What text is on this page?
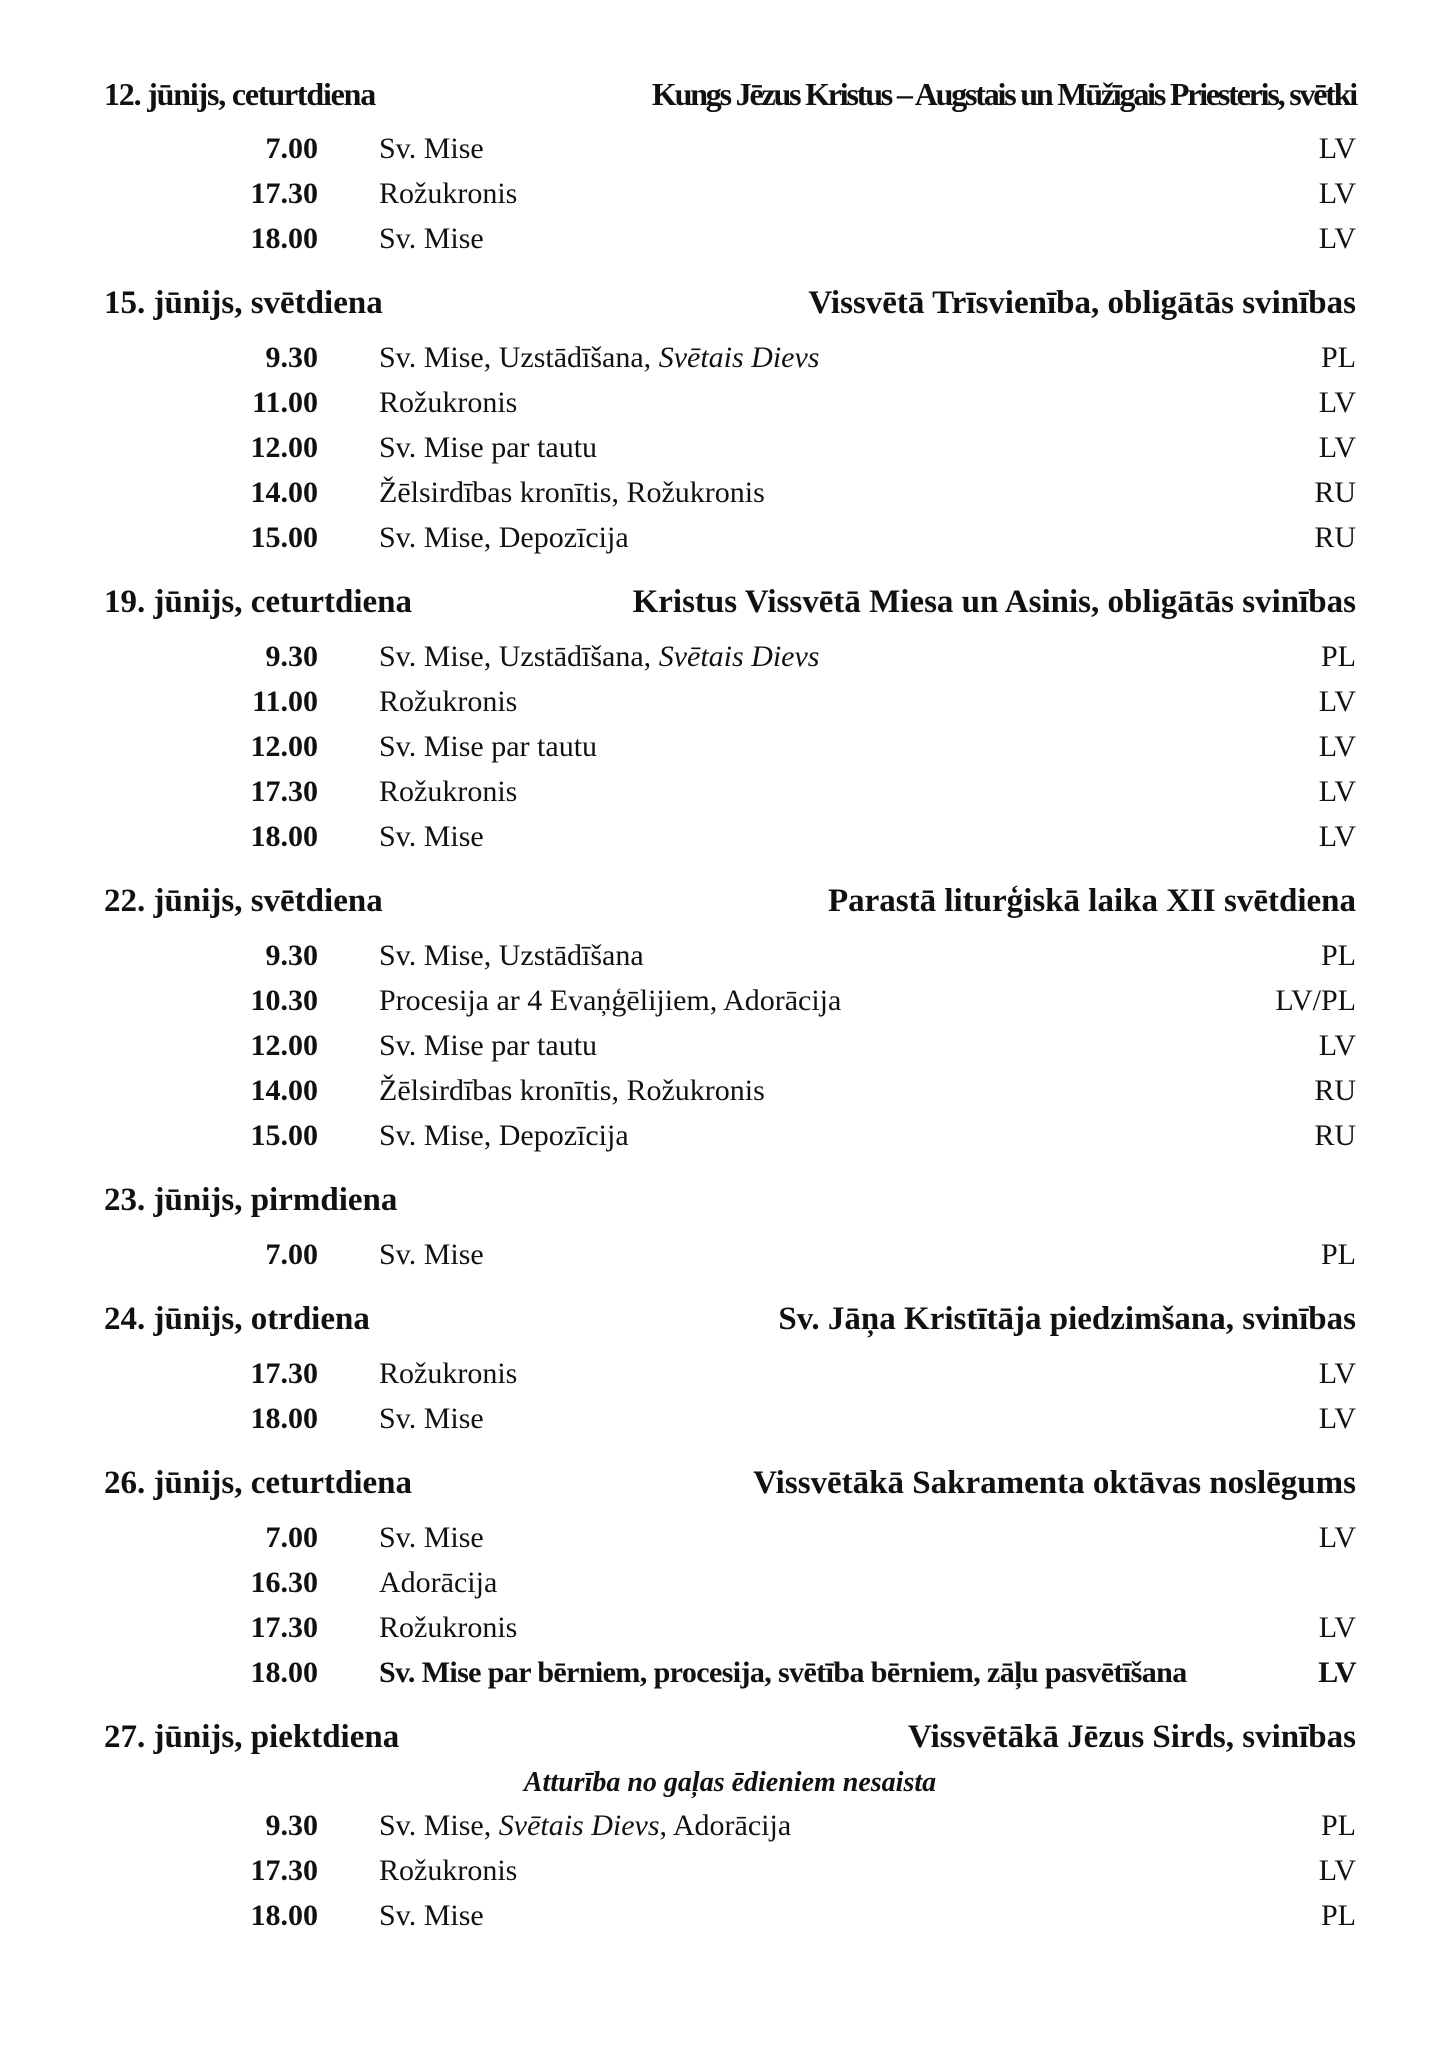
12. jūnijs, ceturtdiena	Kungs Jēzus Kristus – Augstais un Mūžīgais Priesteris, svētki
7.00 Sv. Mise	LV
17.30 Rožukronis	LV
18.00 Sv. Mise	LV
15. jūnijs, svētdiena	Vissvētā Trīsvienība, obligātās svinības
9.30 Sv. Mise, Uzstādīšana, Svētais Dievs	PL
11.00 Rožukronis	LV
12.00 Sv. Mise par tautu	LV
14.00 Žēlsirdības kronītis, Rožukronis	RU
15.00 Sv. Mise, Depozīcija	RU
19. jūnijs, ceturtdiena	Kristus Vissvētā Miesa un Asinis, obligātās svinības
9.30 Sv. Mise, Uzstādīšana, Svētais Dievs	PL
11.00 Rožukronis	LV
12.00 Sv. Mise par tautu	LV
17.30 Rožukronis	LV
18.00 Sv. Mise	LV
22. jūnijs, svētdiena	Parastā liturģiskā laika XII svētdiena
9.30 Sv. Mise, Uzstādīšana	PL
10.30 Procesija ar 4 Evaņģēlijiem, Adorācija	LV/PL
12.00 Sv. Mise par tautu	LV
14.00 Žēlsirdības kronītis, Rožukronis	RU
15.00 Sv. Mise, Depozīcija	RU
23. jūnijs, pirmdiena
7.00 Sv. Mise	PL
24. jūnijs, otrdiena	Sv. Jāņa Kristītāja piedzimšana, svinības
17.30 Rožukronis	LV
18.00 Sv. Mise	LV
26. jūnijs, ceturtdiena	Vissvētākā Sakramenta oktāvas noslēgums
7.00 Sv. Mise	LV
16.30 Adorācija
17.30 Rožukronis	LV
18.00 Sv. Mise par bērniem, procesija, svētība bērniem, zāļu pasvētīšana	LV
27. jūnijs, piektdiena	Vissvētākā Jēzus Sirds, svinības
Atturība no gaļas ēdieniem nesaista
9.30 Sv. Mise, Svētais Dievs, Adorācija	PL
17.30 Rožukronis	LV
18.00 Sv. Mise	PL
